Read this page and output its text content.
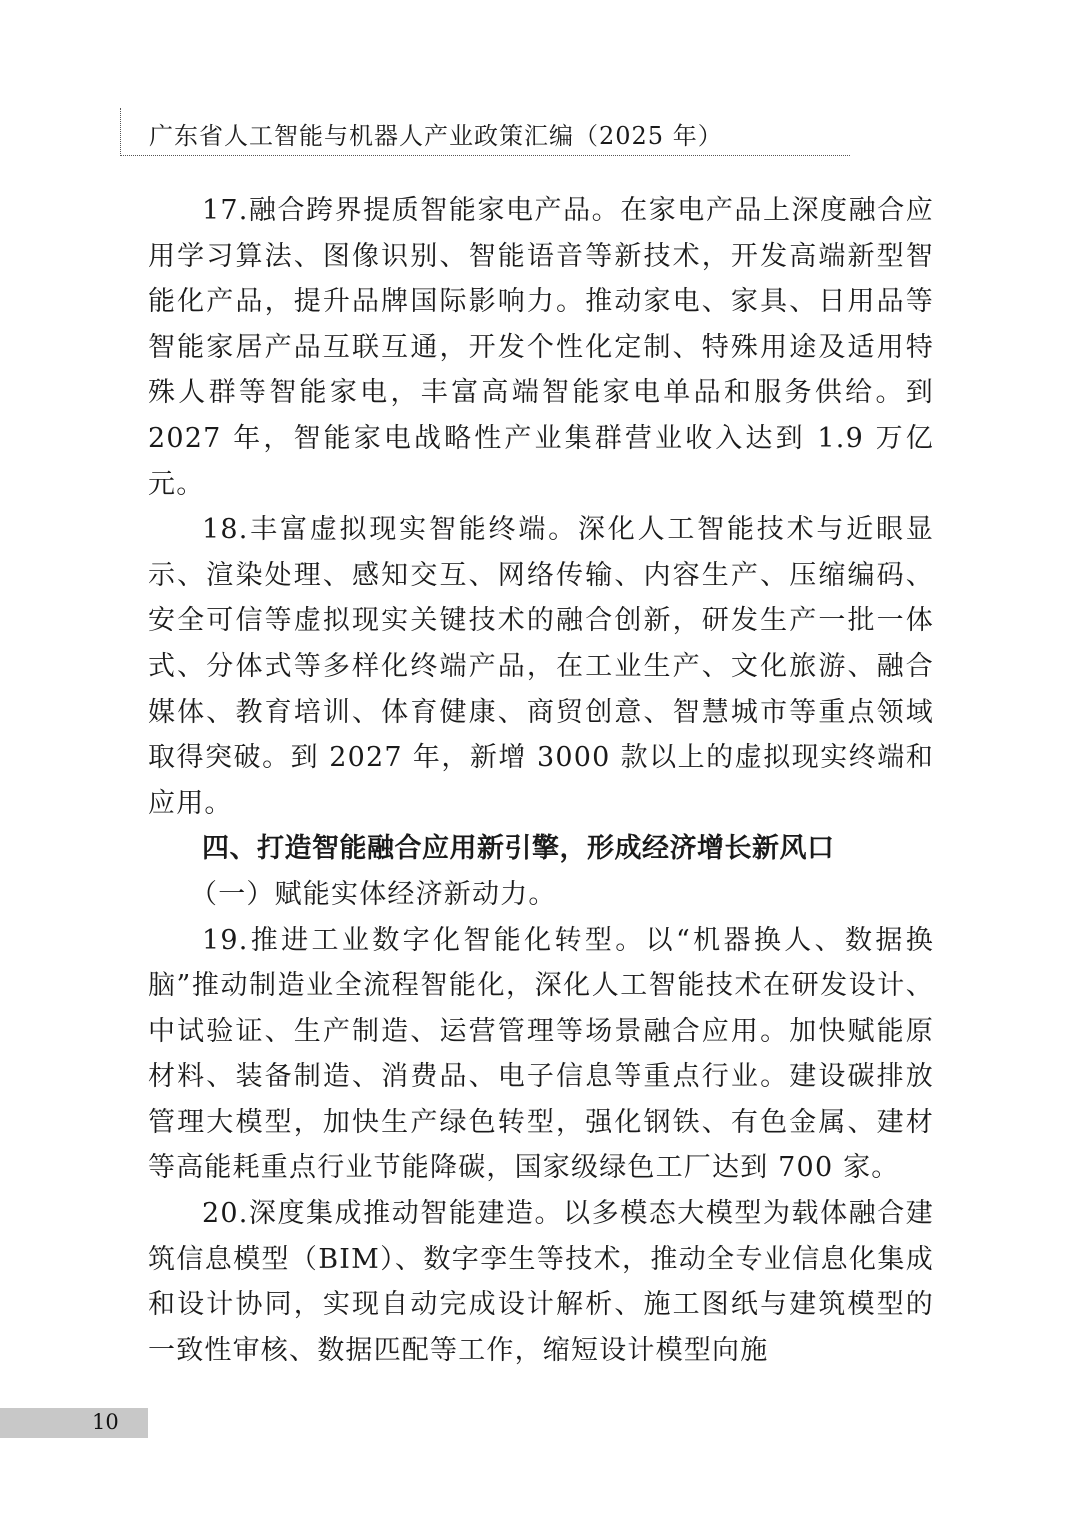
广东省人工智能与机器人产业政策汇编（2025 年）

17.融合跨界提质智能家电产品。在家电产品上深度融合应用学习算法、图像识别、智能语音等新技术，开发高端新型智能化产品，提升品牌国际影响力。推动家电、家具、日用品等智能家居产品互联互通，开发个性化定制、特殊用途及适用特殊人群等智能家电，丰富高端智能家电单品和服务供给。到 2027 年，智能家电战略性产业集群营业收入达到 1.9 万亿元。

18.丰富虚拟现实智能终端。深化人工智能技术与近眼显示、渲染处理、感知交互、网络传输、内容生产、压缩编码、安全可信等虚拟现实关键技术的融合创新，研发生产一批一体式、分体式等多样化终端产品，在工业生产、文化旅游、融合媒体、教育培训、体育健康、商贸创意、智慧城市等重点领域取得突破。到 2027 年，新增 3000 款以上的虚拟现实终端和应用。

四、打造智能融合应用新引擎，形成经济增长新风口

（一）赋能实体经济新动力。

19.推进工业数字化智能化转型。以“机器换人、数据换脑”推动制造业全流程智能化，深化人工智能技术在研发设计、中试验证、生产制造、运营管理等场景融合应用。加快赋能原材料、装备制造、消费品、电子信息等重点行业。建设碳排放管理大模型，加快生产绿色转型，强化钢铁、有色金属、建材等高能耗重点行业节能降碳，国家级绿色工厂达到 700 家。

20.深度集成推动智能建造。以多模态大模型为载体融合建筑信息模型（BIM）、数字孪生等技术，推动全专业信息化集成和设计协同，实现自动完成设计解析、施工图纸与建筑模型的一致性审核、数据匹配等工作，缩短设计模型向施

10
